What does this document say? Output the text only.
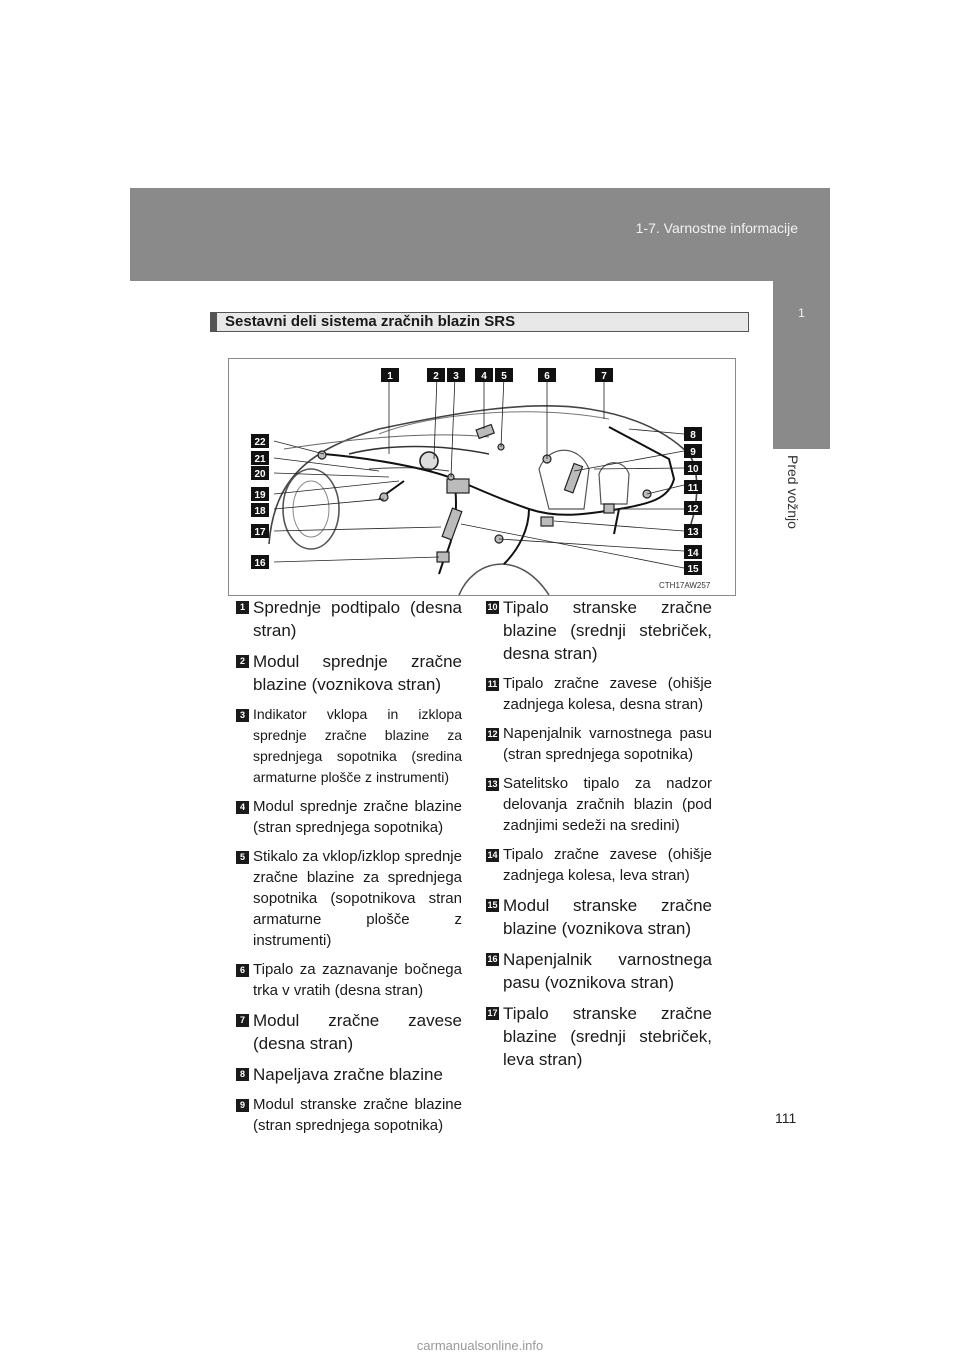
1-7. Varnostne informacije
1
Pred vožnjo
Sestavni deli sistema zračnih blazin SRS
1	2 3 4 5	6	7
8
9
10
11
12
13
14
15
22
21
20
19
18
17
16
CTH17AW257
1 Sprednje podtipalo (desna stran)
2 Modul sprednje zračne blazine (voznikova stran)
3 Indikator vklopa in izklopa sprednje zračne blazine za sprednjega sopotnika (sredina armaturne plošče z instrumenti)
4 Modul sprednje zračne blazine (stran sprednjega sopotnika)
5 Stikalo za vklop/izklop sprednje zračne blazine za sprednjega sopotnika (sopotnikova stran armaturne plošče z instrumenti)
6 Tipalo za zaznavanje bočnega trka v vratih (desna stran)
7 Modul zračne zavese (desna stran)
8 Napeljava zračne blazine
9 Modul stranske zračne blazine (stran sprednjega sopotnika)
10 Tipalo stranske zračne blazine (srednji stebriček, desna stran)
11 Tipalo zračne zavese (ohišje zadnjega kolesa, desna stran)
12 Napenjalnik varnostnega pasu (stran sprednjega sopotnika)
13 Satelitsko tipalo za nadzor delovanja zračnih blazin (pod zadnjimi sedeži na sredini)
14 Tipalo zračne zavese (ohišje zadnjega kolesa, leva stran)
15 Modul stranske zračne blazine (voznikova stran)
16 Napenjalnik varnostnega pasu (voznikova stran)
17 Tipalo stranske zračne blazine (srednji stebriček, leva stran)
111
carmanualsonline.info
